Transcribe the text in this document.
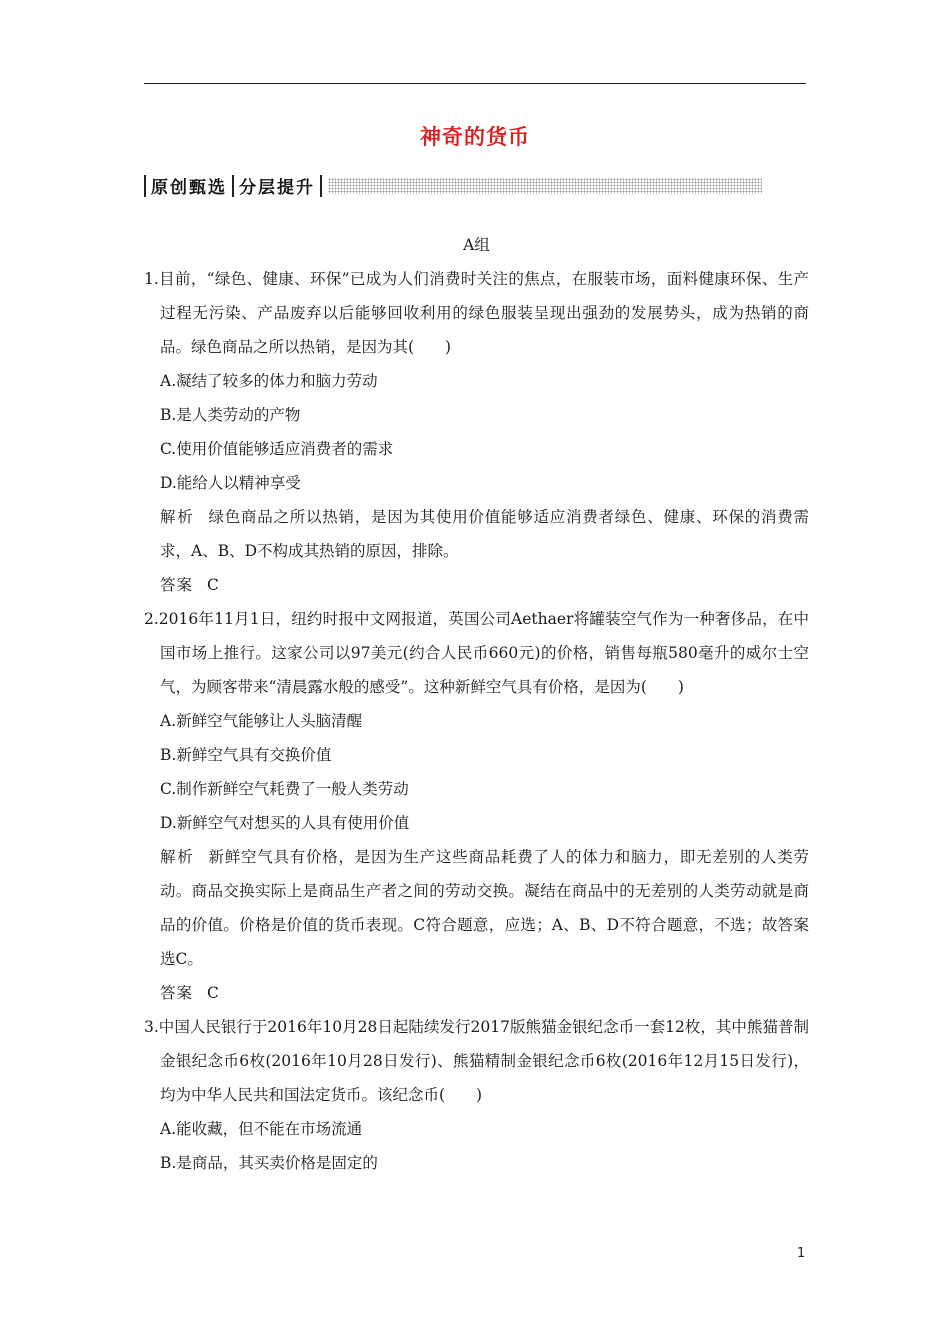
神奇的货币
原创甄选 分层提升
A组
1.目前，“绿色、健康、环保”已成为人们消费时关注的焦点，在服装市场，面料健康环保、生产过程无污染、产品废弃以后能够回收利用的绿色服装呈现出强劲的发展势头，成为热销的商品。绿色商品之所以热销，是因为其(　　)
A.凝结了较多的体力和脑力劳动
B.是人类劳动的产物
C.使用价值能够适应消费者的需求
D.能给人以精神享受
解析 绿色商品之所以热销，是因为其使用价值能够适应消费者绿色、健康、环保的消费需求，A、B、D不构成其热销的原因，排除。
答案 C
2.2016年11月1日，纽约时报中文网报道，英国公司Aethaer将罐装空气作为一种奢侈品，在中国市场上推行。这家公司以97美元(约合人民币660元)的价格，销售每瓶580毫升的威尔士空气，为顾客带来“清晨露水般的感受”。这种新鲜空气具有价格，是因为(　　)
A.新鲜空气能够让人头脑清醒
B.新鲜空气具有交换价值
C.制作新鲜空气耗费了一般人类劳动
D.新鲜空气对想买的人具有使用价值
解析 新鲜空气具有价格，是因为生产这些商品耗费了人的体力和脑力，即无差别的人类劳动。商品交换实际上是商品生产者之间的劳动交换。凝结在商品中的无差别的人类劳动就是商品的价值。价格是价值的货币表现。C符合题意，应选；A、B、D不符合题意，不选；故答案选C。
答案 C
3.中国人民银行于2016年10月28日起陆续发行2017版熊猫金银纪念币一套12枚，其中熊猫普制金银纪念币6枚(2016年10月28日发行)、熊猫精制金银纪念币6枚(2016年12月15日发行)，均为中华人民共和国法定货币。该纪念币(　　)
A.能收藏，但不能在市场流通
B.是商品，其买卖价格是固定的
1
